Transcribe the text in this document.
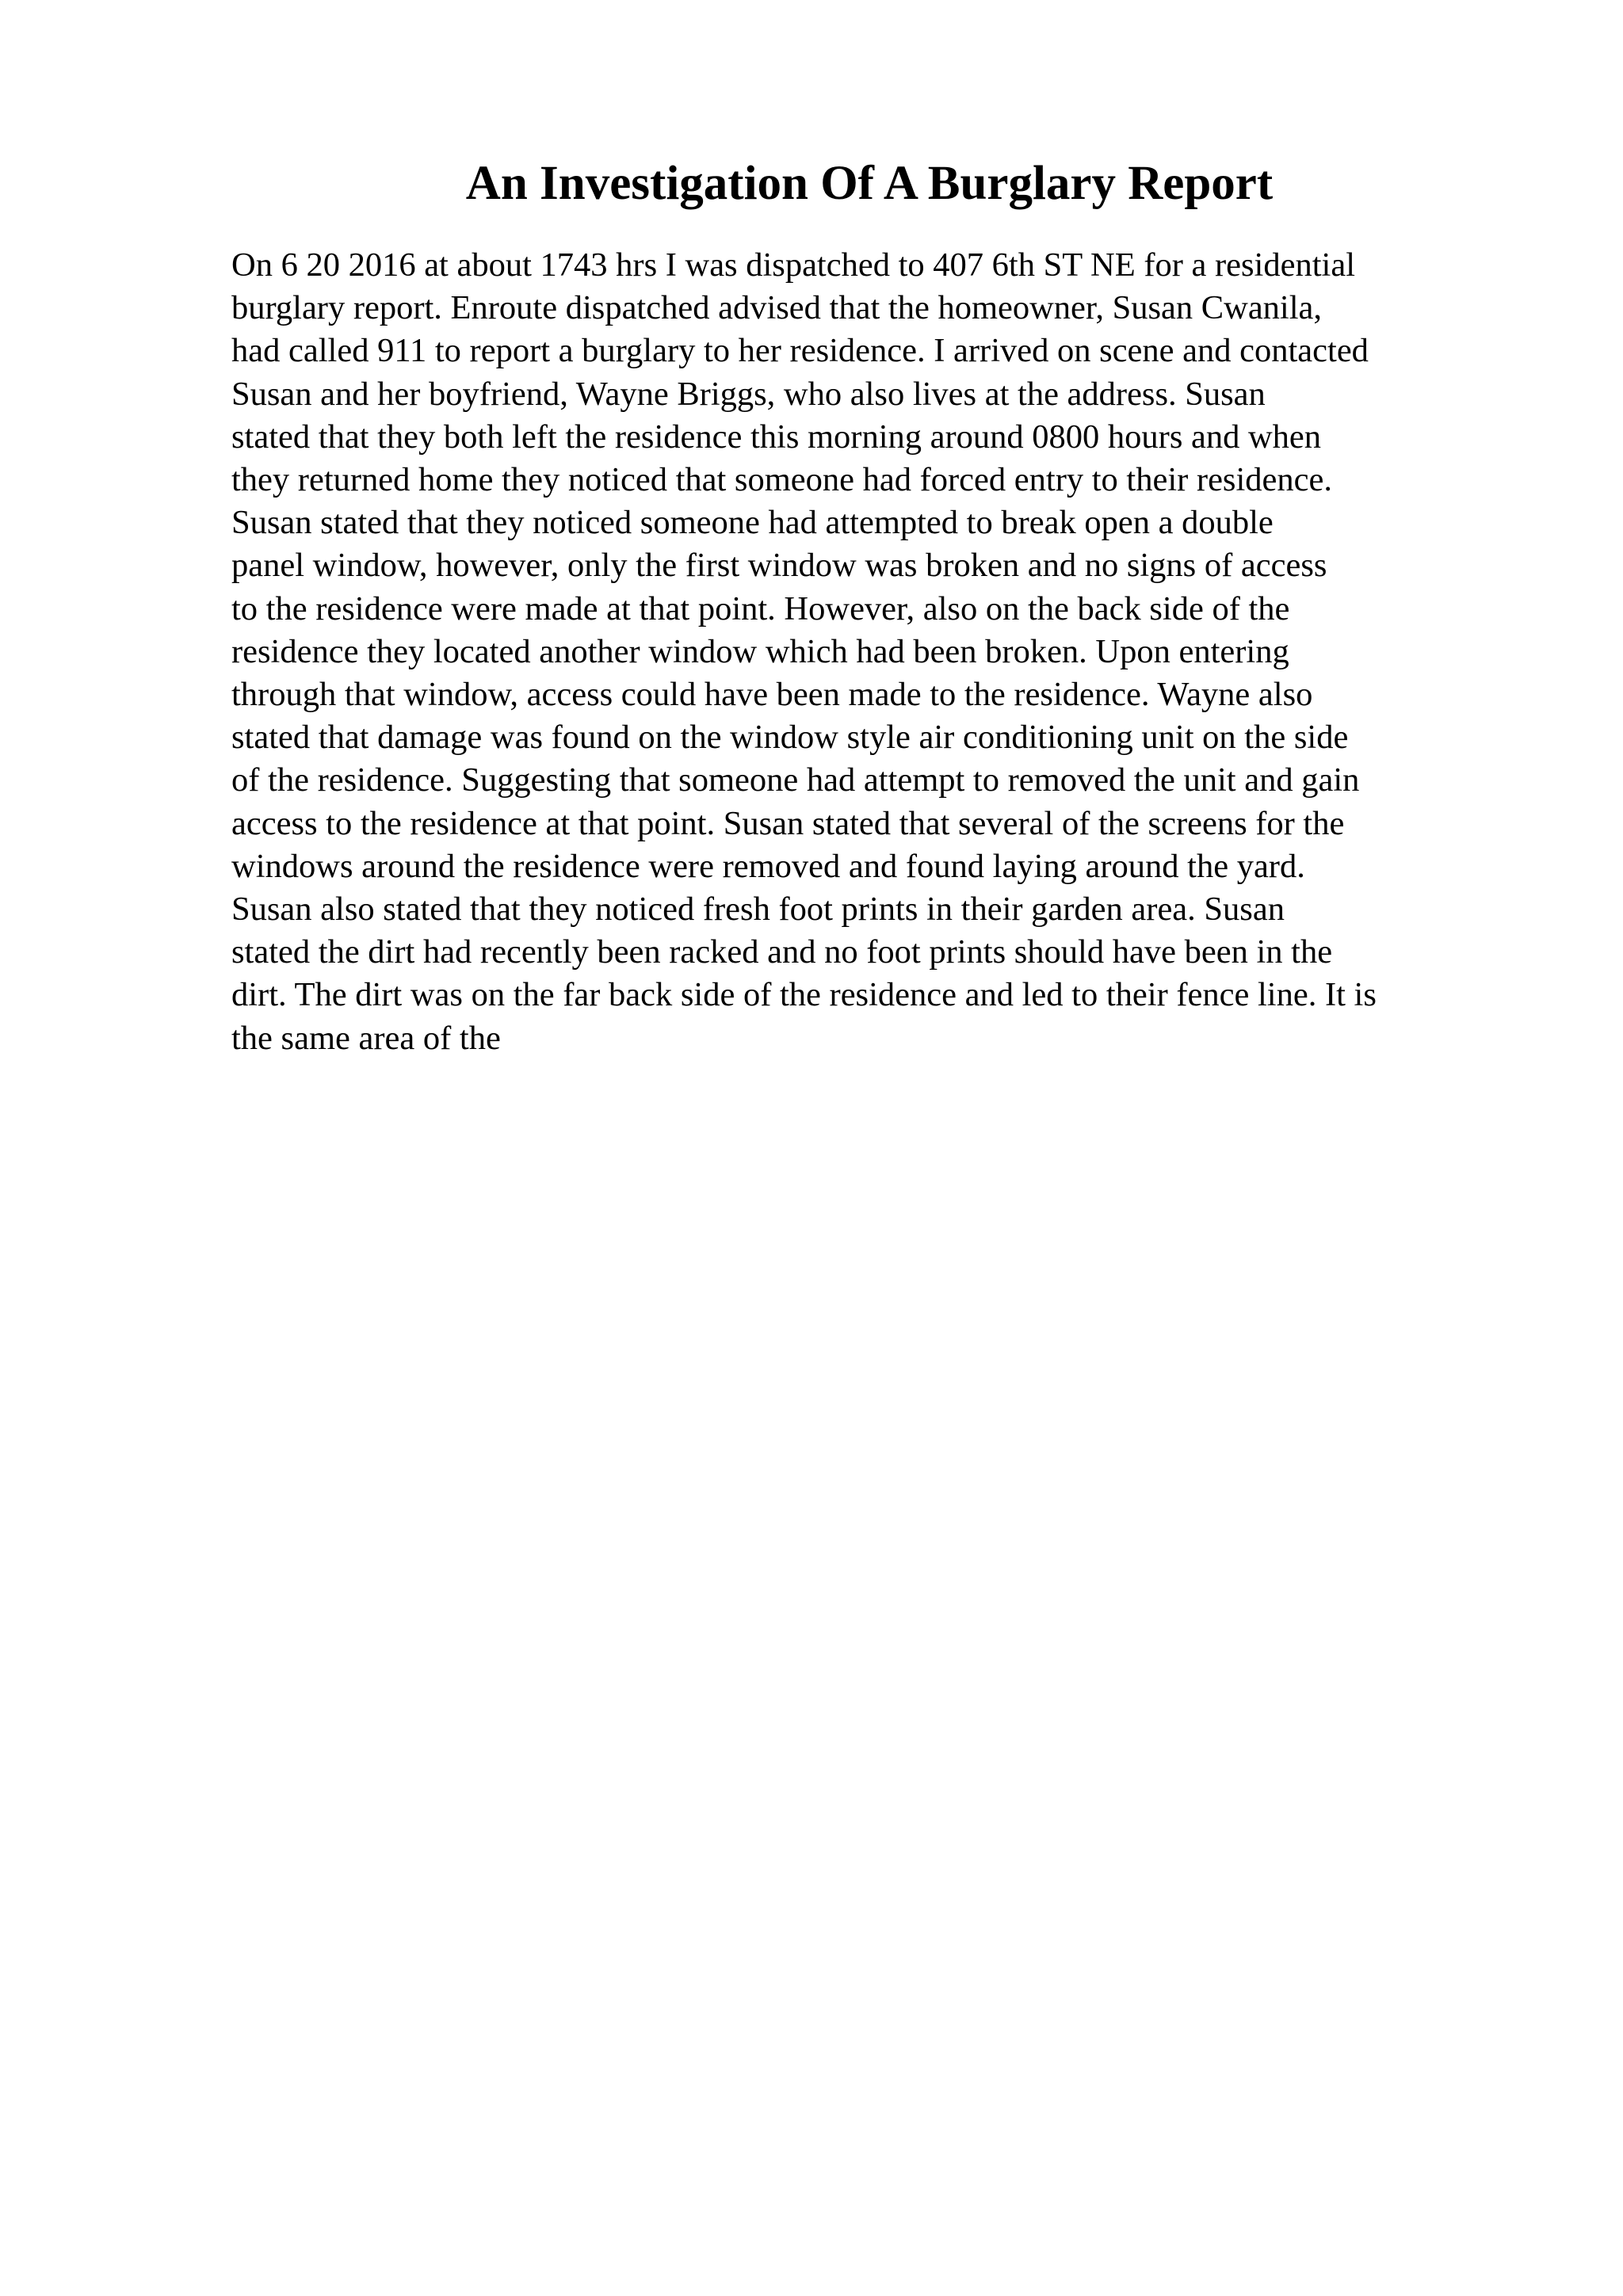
An Investigation Of A Burglary Report
On 6 20 2016 at about 1743 hrs I was dispatched to 407 6th ST NE for a residential
burglary report. Enroute dispatched advised that the homeowner, Susan Cwanila,
had called 911 to report a burglary to her residence. I arrived on scene and contacted
Susan and her boyfriend, Wayne Briggs, who also lives at the address. Susan
stated that they both left the residence this morning around 0800 hours and when
they returned home they noticed that someone had forced entry to their residence.
Susan stated that they noticed someone had attempted to break open a double
panel window, however, only the first window was broken and no signs of access
to the residence were made at that point. However, also on the back side of the
residence they located another window which had been broken. Upon entering
through that window, access could have been made to the residence. Wayne also
stated that damage was found on the window style air conditioning unit on the side
of the residence. Suggesting that someone had attempt to removed the unit and gain
access to the residence at that point. Susan stated that several of the screens for the
windows around the residence were removed and found laying around the yard.
Susan also stated that they noticed fresh foot prints in their garden area. Susan
stated the dirt had recently been racked and no foot prints should have been in the
dirt. The dirt was on the far back side of the residence and led to their fence line. It is
the same area of the
